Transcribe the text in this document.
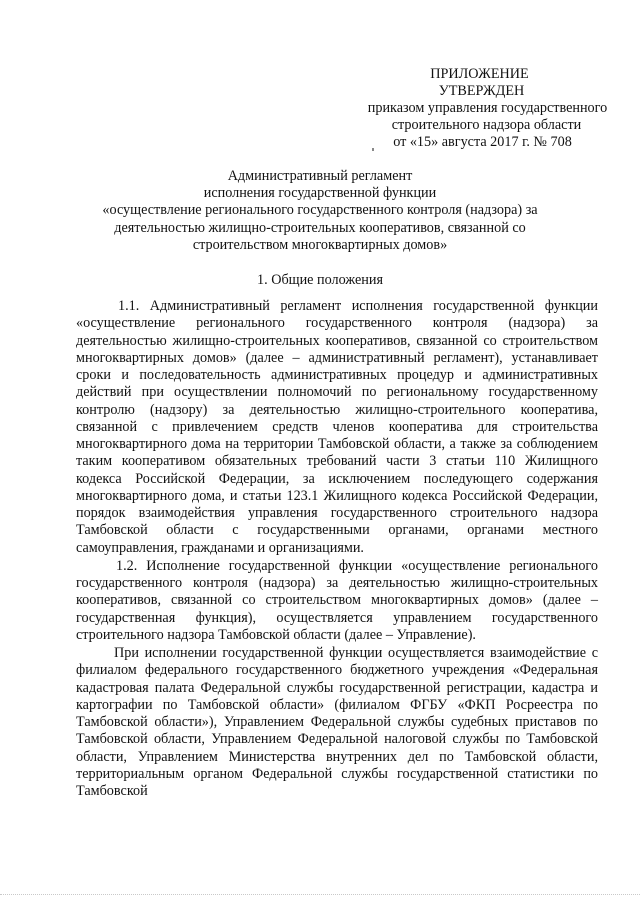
ПРИЛОЖЕНИЕ
УТВЕРЖДЕН
приказом управления государственного
строительного надзора области
от «15» августа 2017 г. № 708
Административный регламент
исполнения государственной функции
«осуществление регионального государственного контроля (надзора) за
деятельностью жилищно-строительных кооперативов, связанной со
строительством многоквартирных домов»
1. Общие положения

1.1. Административный регламент исполнения государственной функции «осуществление регионального государственного контроля (надзора) за деятельностью жилищно-строительных кооперативов, связанной со строительством многоквартирных домов» (далее – административный регламент), устанавливает сроки и последовательность административных процедур и административных действий при осуществлении полномочий по региональному государственному контролю (надзору) за деятельностью жилищно-строительного кооператива, связанной с привлечением средств членов кооператива для строительства многоквартирного дома на территории Тамбовской области, а также за соблюдением таким кооперативом обязательных требований части 3 статьи 110 Жилищного кодекса Российской Федерации, за исключением последующего содержания многоквартирного дома, и статьи 123.1 Жилищного кодекса Российской Федерации, порядок взаимодействия управления государственного строительного надзора Тамбовской области с государственными органами, органами местного самоуправления, гражданами и организациями.

1.2. Исполнение государственной функции «осуществление регионального государственного контроля (надзора) за деятельностью жилищно-строительных кооперативов, связанной со строительством многоквартирных домов» (далее – государственная функция), осуществляется управлением государственного строительного надзора Тамбовской области (далее – Управление).

При исполнении государственной функции осуществляется взаимодействие с филиалом федерального государственного бюджетного учреждения «Федеральная кадастровая палата Федеральной службы государственной регистрации, кадастра и картографии по Тамбовской области» (филиалом ФГБУ «ФКП Росреестра по Тамбовской области»), Управлением Федеральной службы судебных приставов по Тамбовской области, Управлением Федеральной налоговой службы по Тамбовской области, Управлением Министерства внутренних дел по Тамбовской области, территориальным органом Федеральной службы государственной статистики по Тамбовской
